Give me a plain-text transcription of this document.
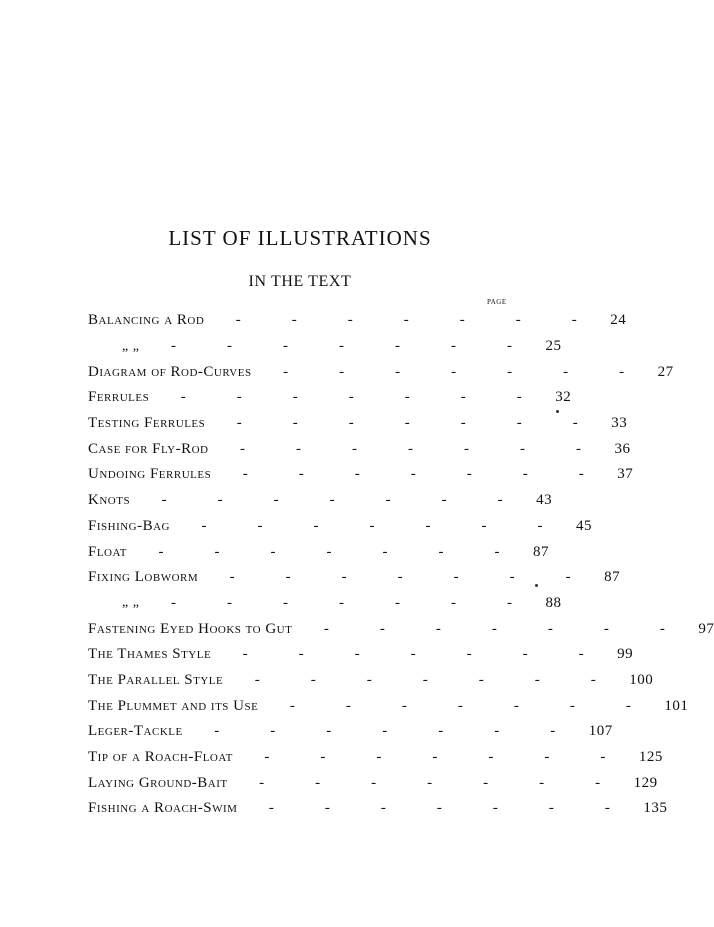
LIST OF ILLUSTRATIONS
IN THE TEXT
PAGE
Balancing a Rod	-	-	-	-	-	-	-	24
„ „	-	-	-	-	-	-	-	25
Diagram of Rod-Curves	-	-	-	-	-	-	-	27
Ferrules	-	-	-	-	-	-	-	32
Testing Ferrules	-	-	-	-	-	-	-	33
Case for Fly-Rod	-	-	-	-	-	-	-	36
Undoing Ferrules	-	-	-	-	-	-	-	37
Knots	-	-	-	-	-	-	-	43
Fishing-Bag	-	-	-	-	-	-	-	45
Float	-	-	-	-	-	-	-	87
Fixing Lobworm	-	-	-	-	-	-	-	87
„ „	-	-	-	-	-	-	-	88
Fastening Eyed Hooks to Gut	-	-	-	-	-	-	-	97
The Thames Style	-	-	-	-	-	-	-	99
The Parallel Style	-	-	-	-	-	-	-	100
The Plummet and its Use	-	-	-	-	-	-	-	101
Leger-Tackle	-	-	-	-	-	-	-	107
Tip of a Roach-Float	-	-	-	-	-	-	-	125
Laying Ground-Bait	-	-	-	-	-	-	-	129
Fishing a Roach-Swim	-	-	-	-	-	-	-	135
